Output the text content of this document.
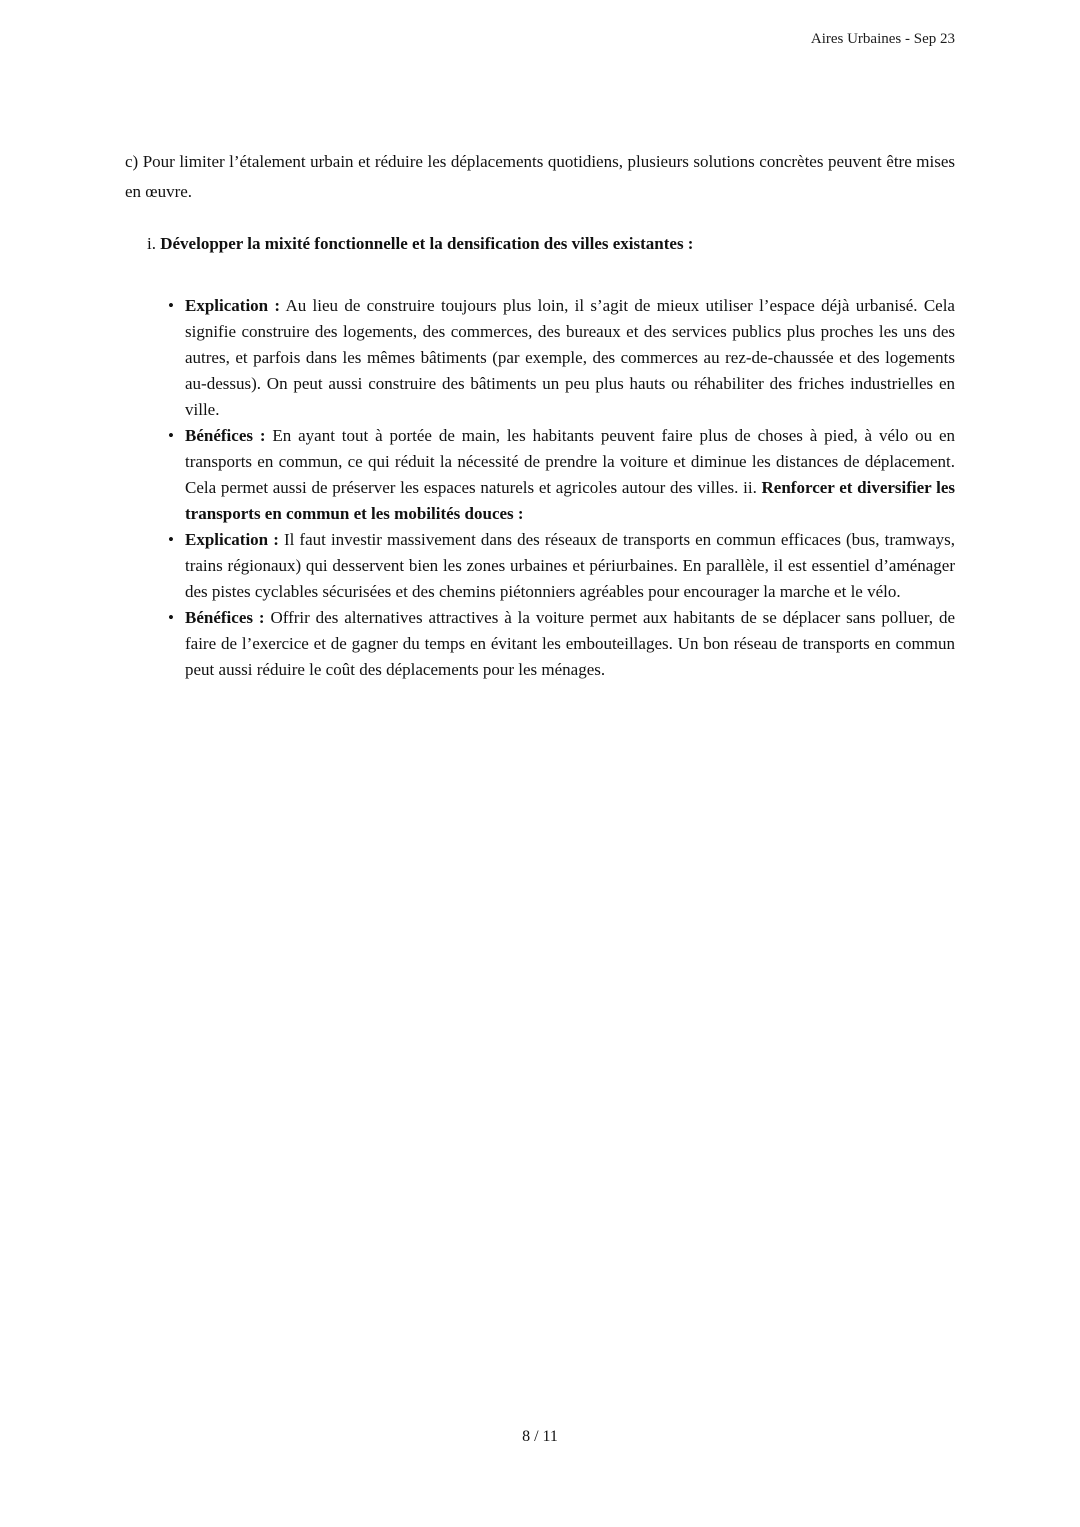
Aires Urbaines - Sep 23

c) Pour limiter l’étalement urbain et réduire les déplacements quotidiens, plusieurs solutions concrètes peuvent être mises en œuvre.

i. Développer la mixité fonctionnelle et la densification des villes existantes :
• Explication : Au lieu de construire toujours plus loin, il s’agit de mieux utiliser l’espace déjà urbanisé. Cela signifie construire des logements, des commerces, des bureaux et des services publics plus proches les uns des autres, et parfois dans les mêmes bâtiments (par exemple, des commerces au rez-de-chaussée et des logements au-dessus). On peut aussi construire des bâtiments un peu plus hauts ou réhabiliter des friches industrielles en ville.
• Bénéfices : En ayant tout à portée de main, les habitants peuvent faire plus de choses à pied, à vélo ou en transports en commun, ce qui réduit la nécessité de prendre la voiture et diminue les distances de déplacement. Cela permet aussi de préserver les espaces naturels et agricoles autour des villes. ii. Renforcer et diversifier les transports en commun et les mobilités douces :
• Explication : Il faut investir massivement dans des réseaux de transports en commun efficaces (bus, tramways, trains régionaux) qui desservent bien les zones urbaines et périurbaines. En parallèle, il est essentiel d’aménager des pistes cyclables sécurisées et des chemins piétonniers agréables pour encourager la marche et le vélo.
• Bénéfices : Offrir des alternatives attractives à la voiture permet aux habitants de se déplacer sans polluer, de faire de l’exercice et de gagner du temps en évitant les embouteillages. Un bon réseau de transports en commun peut aussi réduire le coût des déplacements pour les ménages.
8 / 11
